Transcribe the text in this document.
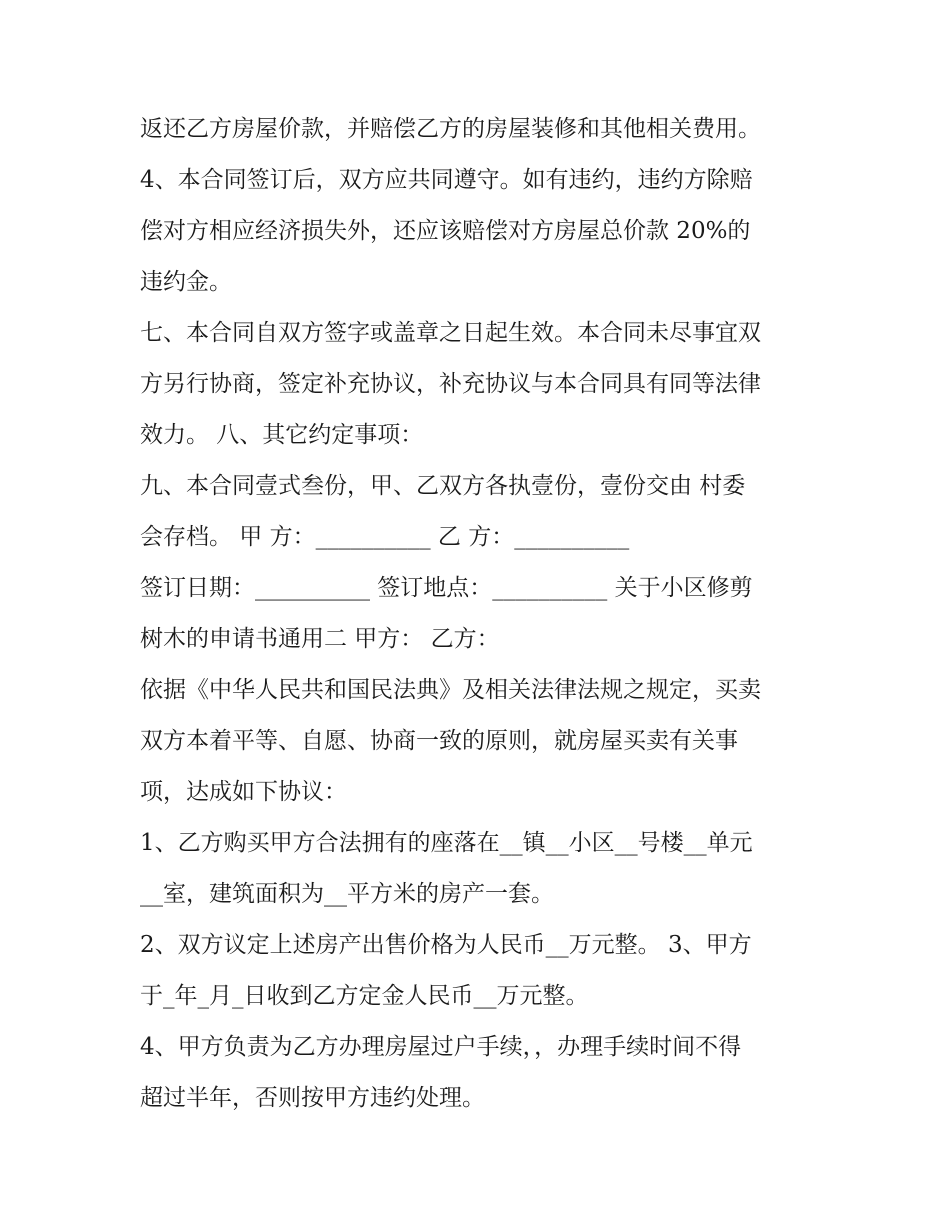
返还乙方房屋价款，并赔偿乙方的房屋装修和其他相关费用。
4、本合同签订后，双方应共同遵守。如有违约，违约方除赔
偿对方相应经济损失外，还应该赔偿对方房屋总价款 20%的
违约金。
七、本合同自双方签字或盖章之日起生效。本合同未尽事宜双
方另行协商，签定补充协议，补充协议与本合同具有同等法律
效力。 八、其它约定事项：
九、本合同壹式叁份，甲、乙双方各执壹份，壹份交由 村委
会存档。 甲 方：__________ 乙 方：__________
签订日期：__________ 签订地点：__________ 关于小区修剪
树木的申请书通用二 甲方： 乙方：
依据《中华人民共和国民法典》及相关法律法规之规定，买卖
双方本着平等、自愿、协商一致的原则，就房屋买卖有关事
项，达成如下协议：
1、乙方购买甲方合法拥有的座落在__镇__小区__号楼__单元
__室，建筑面积为__平方米的房产一套。
2、双方议定上述房产出售价格为人民币__万元整。 3、甲方
于_年_月_日收到乙方定金人民币__万元整。
4、甲方负责为乙方办理房屋过户手续，，办理手续时间不得
超过半年，否则按甲方违约处理。
